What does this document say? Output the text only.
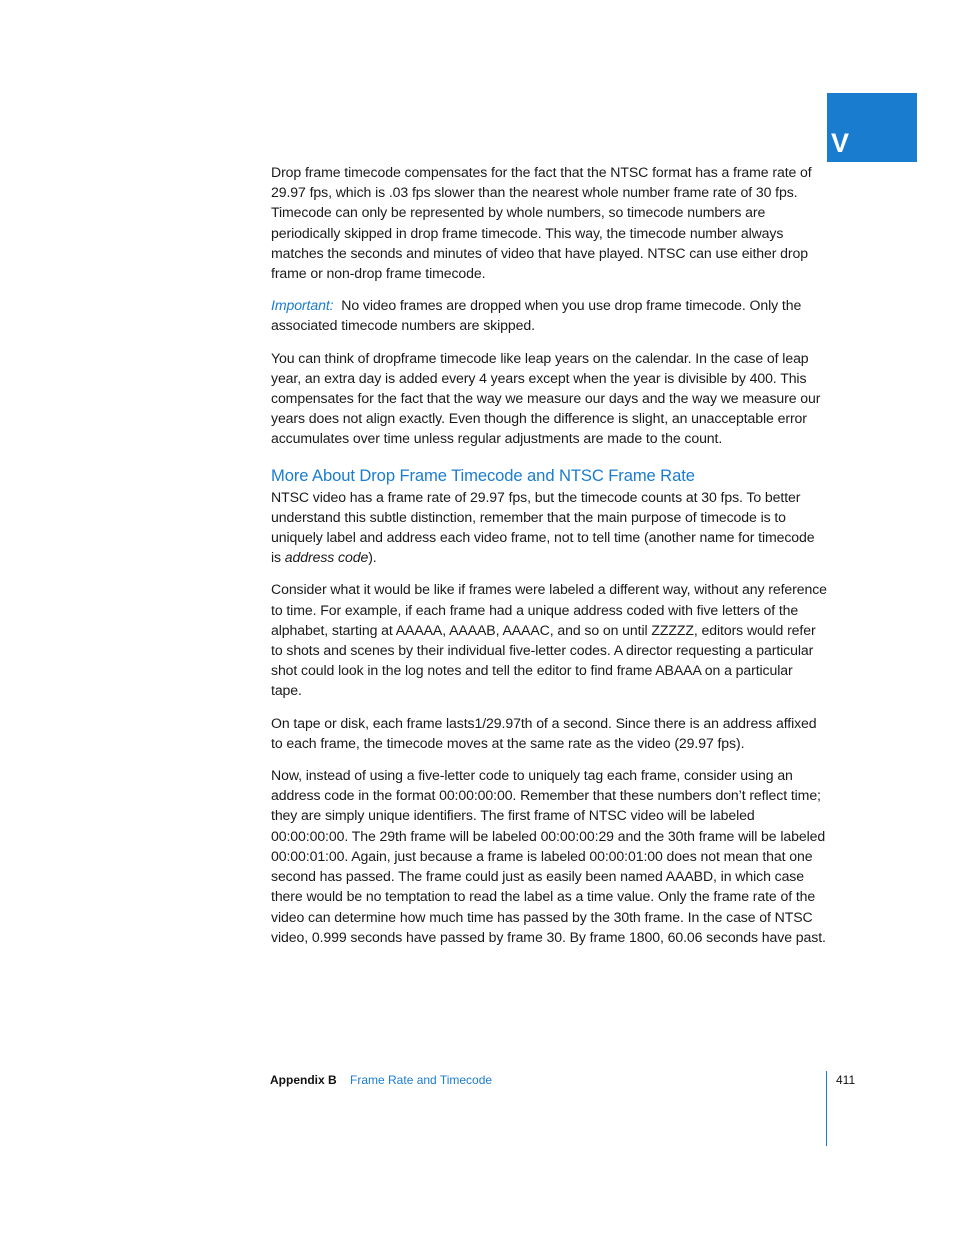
V

Drop frame timecode compensates for the fact that the NTSC format has a frame rate of 29.97 fps, which is .03 fps slower than the nearest whole number frame rate of 30 fps. Timecode can only be represented by whole numbers, so timecode numbers are periodically skipped in drop frame timecode. This way, the timecode number always matches the seconds and minutes of video that have played. NTSC can use either drop frame or non-drop frame timecode.

Important: No video frames are dropped when you use drop frame timecode. Only the associated timecode numbers are skipped.

You can think of dropframe timecode like leap years on the calendar. In the case of leap year, an extra day is added every 4 years except when the year is divisible by 400. This compensates for the fact that the way we measure our days and the way we measure our years does not align exactly. Even though the difference is slight, an unacceptable error accumulates over time unless regular adjustments are made to the count.

More About Drop Frame Timecode and NTSC Frame Rate

NTSC video has a frame rate of 29.97 fps, but the timecode counts at 30 fps. To better understand this subtle distinction, remember that the main purpose of timecode is to uniquely label and address each video frame, not to tell time (another name for timecode is address code).

Consider what it would be like if frames were labeled a different way, without any reference to time. For example, if each frame had a unique address coded with five letters of the alphabet, starting at AAAAA, AAAAB, AAAAC, and so on until ZZZZZ, editors would refer to shots and scenes by their individual five-letter codes. A director requesting a particular shot could look in the log notes and tell the editor to find frame ABAAA on a particular tape.

On tape or disk, each frame lasts1/29.97th of a second. Since there is an address affixed to each frame, the timecode moves at the same rate as the video (29.97 fps).

Now, instead of using a five-letter code to uniquely tag each frame, consider using an address code in the format 00:00:00:00. Remember that these numbers don’t reflect time; they are simply unique identifiers. The first frame of NTSC video will be labeled 00:00:00:00. The 29th frame will be labeled 00:00:00:29 and the 30th frame will be labeled 00:00:01:00. Again, just because a frame is labeled 00:00:01:00 does not mean that one second has passed. The frame could just as easily been named AAABD, in which case there would be no temptation to read the label as a time value. Only the frame rate of the video can determine how much time has passed by the 30th frame. In the case of NTSC video, 0.999 seconds have passed by frame 30. By frame 1800, 60.06 seconds have past.

Appendix B Frame Rate and Timecode	411
